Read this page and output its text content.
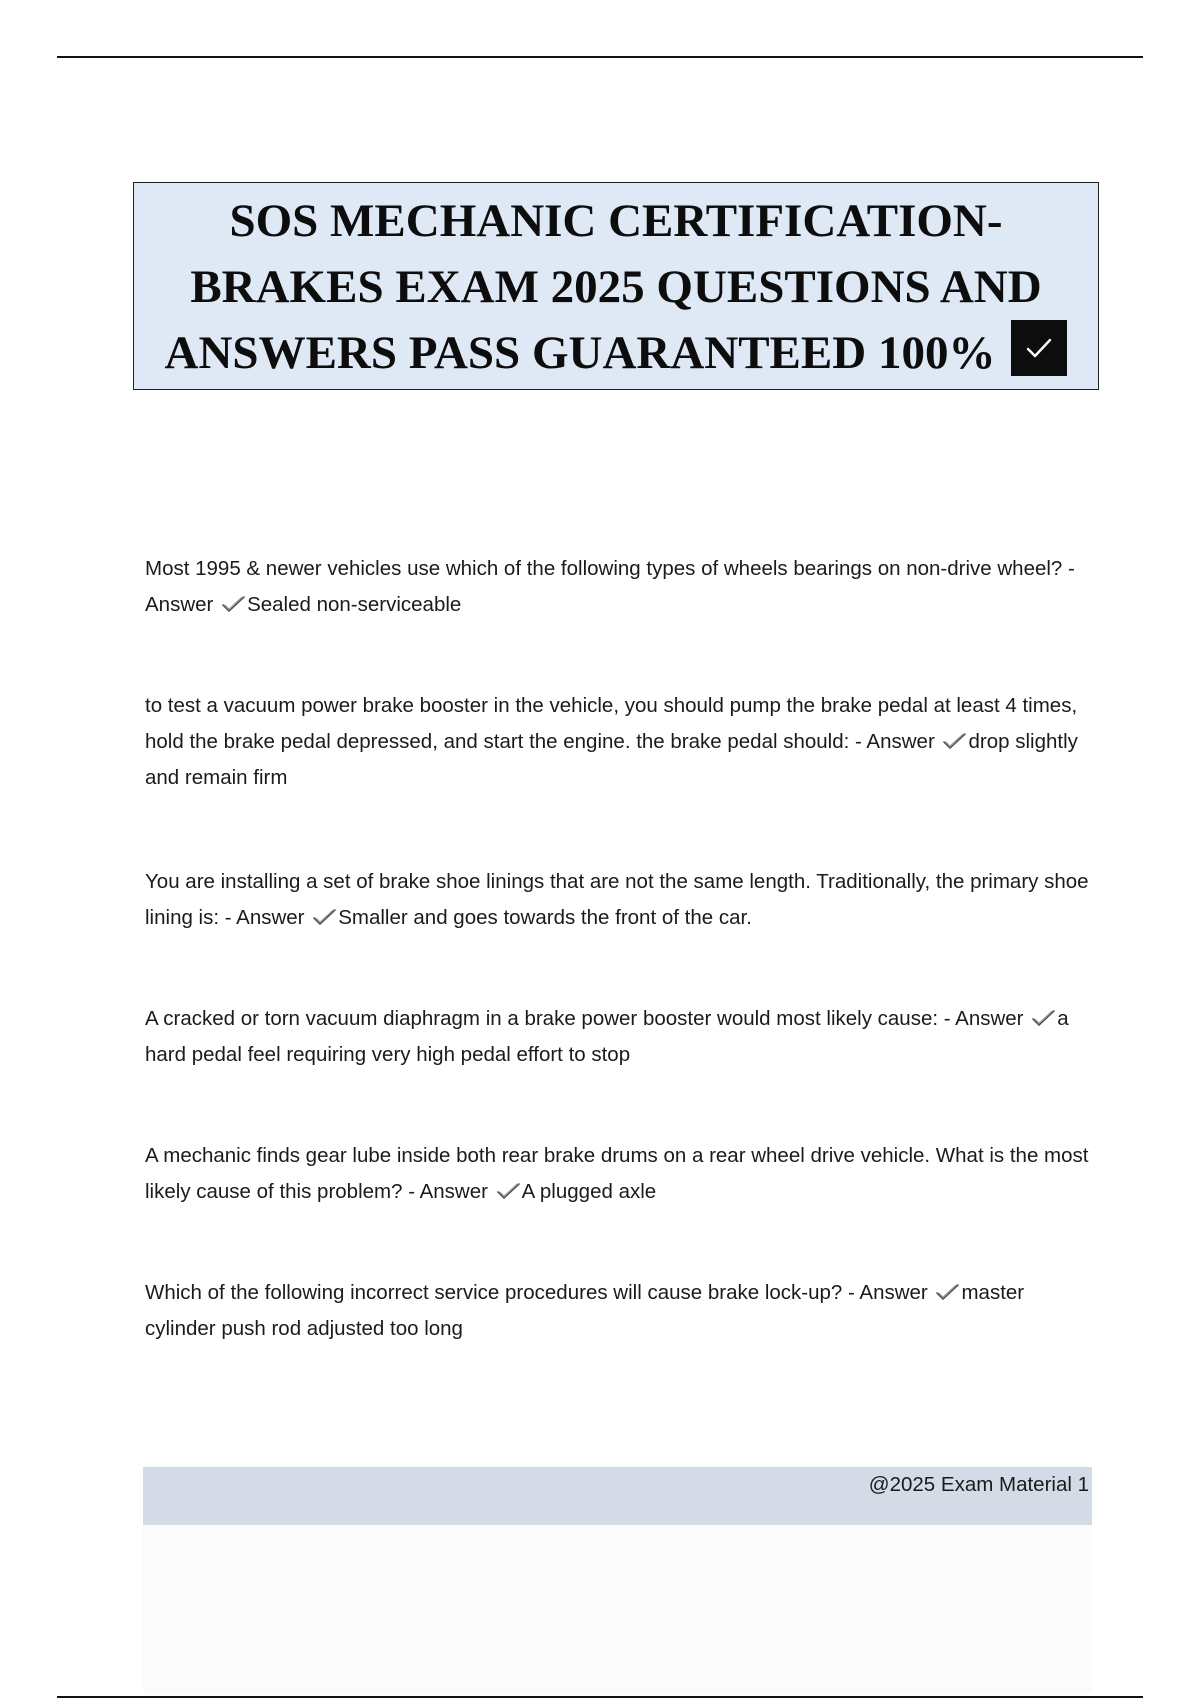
SOS MECHANIC CERTIFICATION-
BRAKES EXAM 2025 QUESTIONS AND
ANSWERS PASS GUARANTEED 100%

Most 1995 & newer vehicles use which of the following types of wheels bearings on non-drive wheel? - Answer Sealed non-serviceable

to test a vacuum power brake booster in the vehicle, you should pump the brake pedal at least 4 times, hold the brake pedal depressed, and start the engine. the brake pedal should: - Answer drop slightly and remain firm

You are installing a set of brake shoe linings that are not the same length. Traditionally, the primary shoe lining is: - Answer Smaller and goes towards the front of the car.

A cracked or torn vacuum diaphragm in a brake power booster would most likely cause: - Answer a hard pedal feel requiring very high pedal effort to stop

A mechanic finds gear lube inside both rear brake drums on a rear wheel drive vehicle. What is the most likely cause of this problem? - Answer A plugged axle

Which of the following incorrect service procedures will cause brake lock-up? - Answer master cylinder push rod adjusted too long

@2025 Exam Material 1
